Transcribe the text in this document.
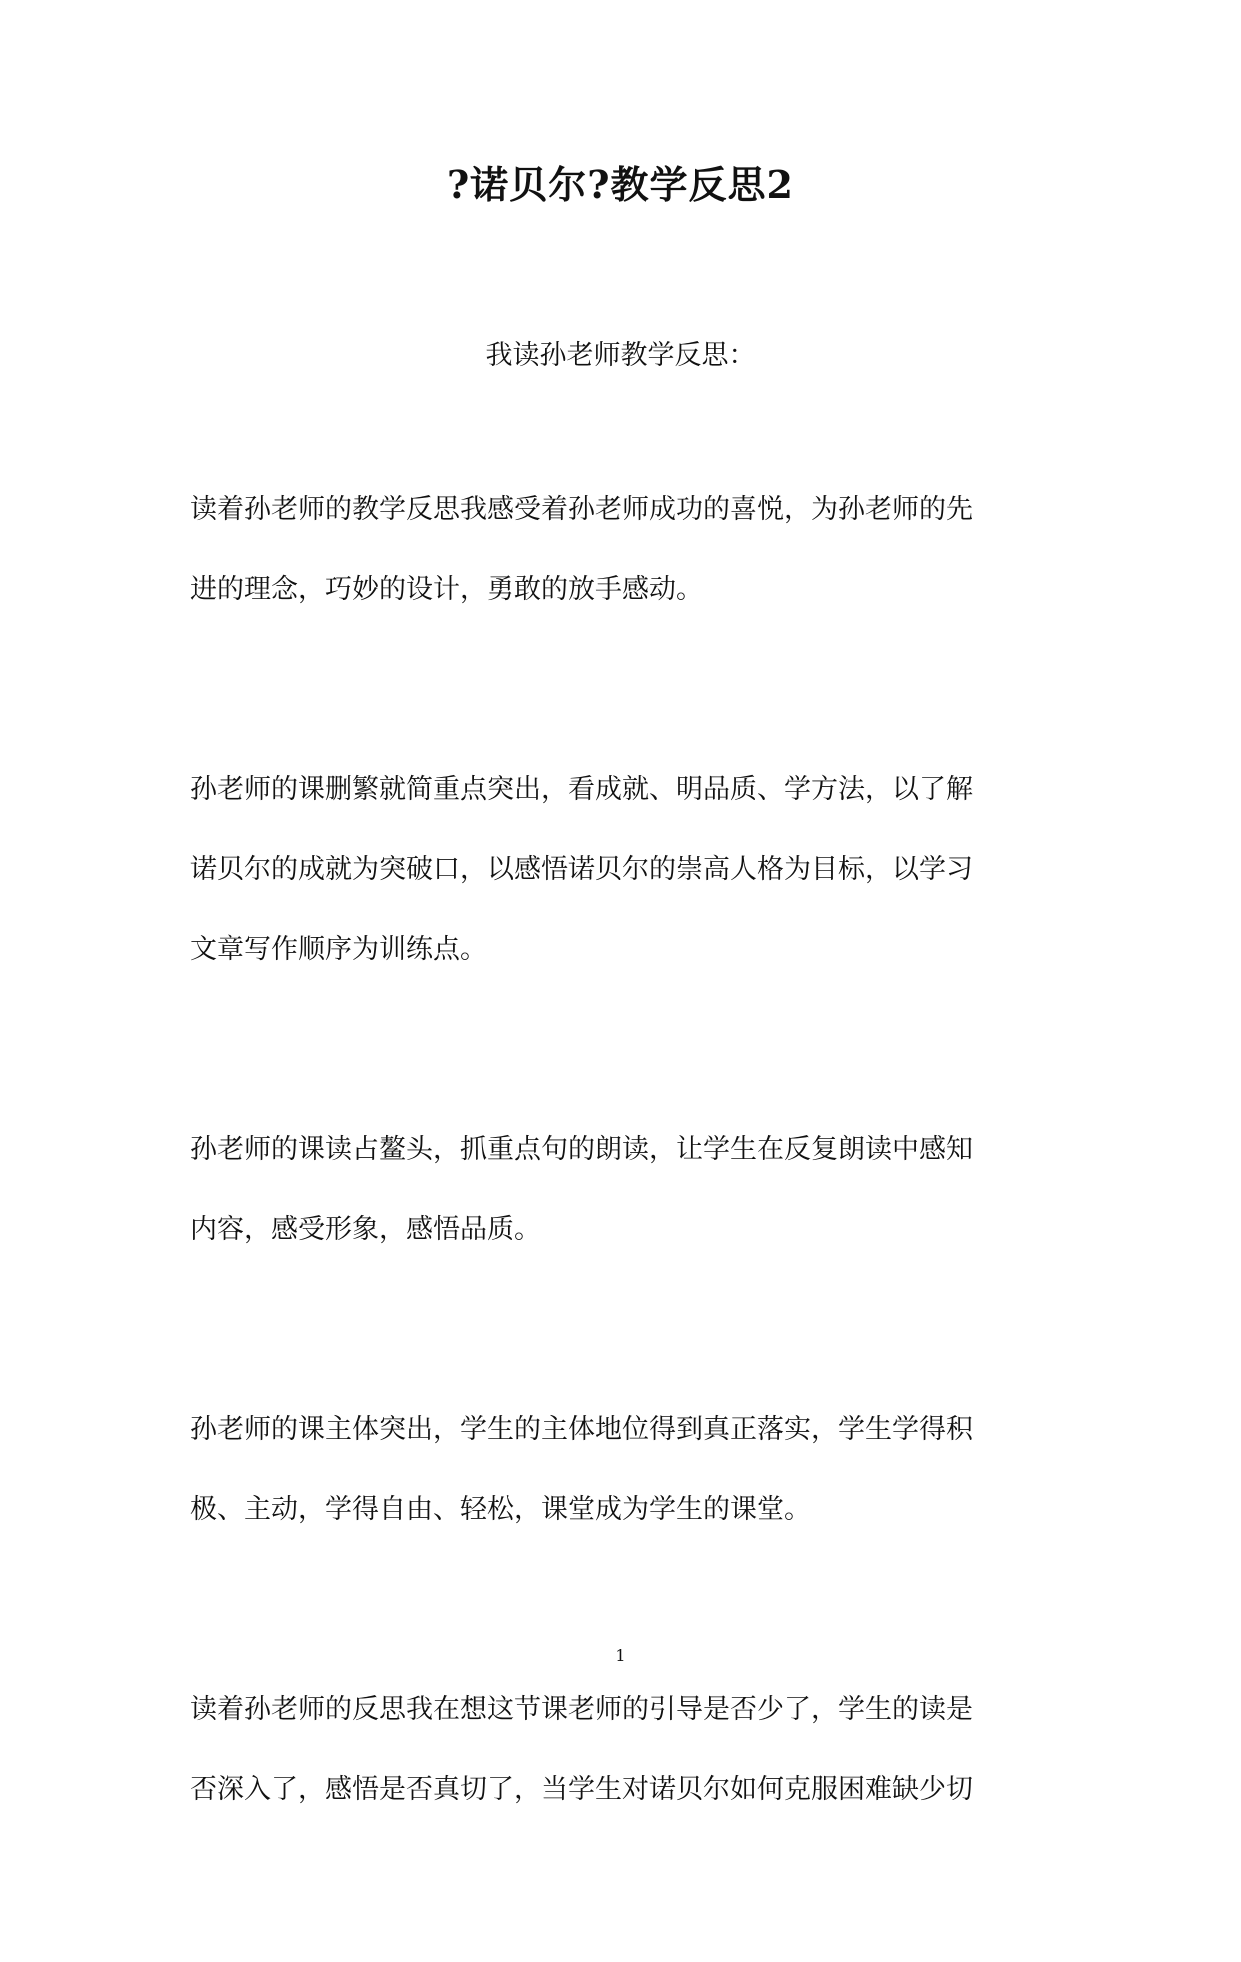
?诺贝尔?教学反思2
我读孙老师教学反思：
读着孙老师的教学反思我感受着孙老师成功的喜悦，为孙老师的先
进的理念，巧妙的设计，勇敢的放手感动。
孙老师的课删繁就简重点突出，看成就、明品质、学方法，以了解
诺贝尔的成就为突破口，以感悟诺贝尔的崇高人格为目标，以学习
文章写作顺序为训练点。
孙老师的课读占鳌头，抓重点句的朗读，让学生在反复朗读中感知
内容，感受形象，感悟品质。
孙老师的课主体突出，学生的主体地位得到真正落实，学生学得积
极、主动，学得自由、轻松，课堂成为学生的课堂。
读着孙老师的反思我在想这节课老师的引导是否少了，学生的读是
否深入了，感悟是否真切了，当学生对诺贝尔如何克服困难缺少切
1
